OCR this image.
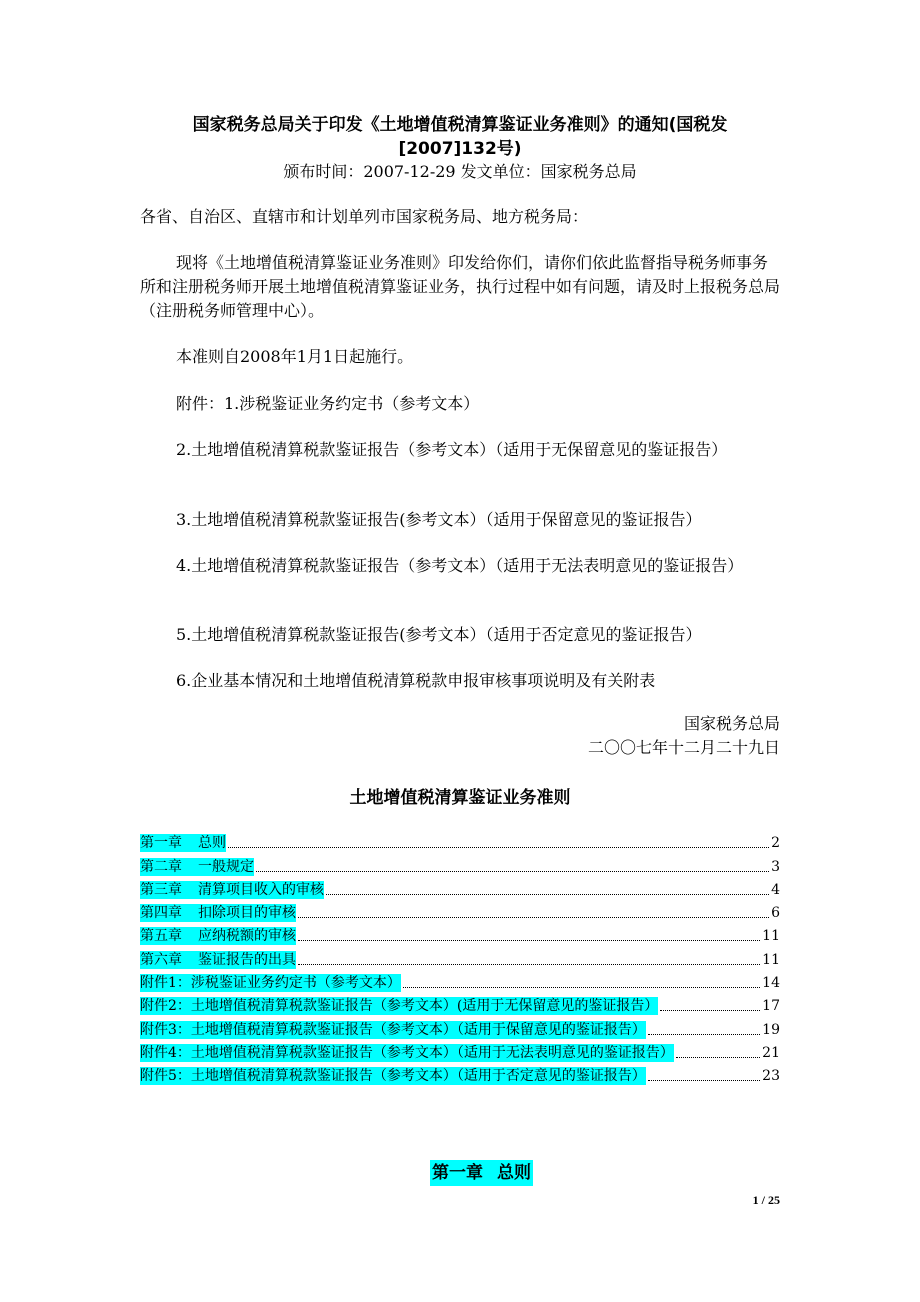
国家税务总局关于印发《土地增值税清算鉴证业务准则》的通知(国税发
[2007]132号)
颁布时间：2007-12-29 发文单位：国家税务总局
各省、自治区、直辖市和计划单列市国家税务局、地方税务局：
现将《土地增值税清算鉴证业务准则》印发给你们，请你们依此监督指导税务师事务所和注册税务师开展土地增值税清算鉴证业务，执行过程中如有问题，请及时上报税务总局（注册税务师管理中心）。
本准则自2008年1月1日起施行。
附件：1.涉税鉴证业务约定书（参考文本）
2.土地增值税清算税款鉴证报告（参考文本）（适用于无保留意见的鉴证报告）
3.土地增值税清算税款鉴证报告(参考文本）（适用于保留意见的鉴证报告）
4.土地增值税清算税款鉴证报告（参考文本）（适用于无法表明意见的鉴证报告）
5.土地增值税清算税款鉴证报告(参考文本）（适用于否定意见的鉴证报告）
6.企业基本情况和土地增值税清算税款申报审核事项说明及有关附表
国家税务总局
二〇〇七年十二月二十九日
土地增值税清算鉴证业务准则
第一章 总则	2
第二章 一般规定	3
第三章 清算项目收入的审核	4
第四章 扣除项目的审核	6
第五章 应纳税额的审核	11
第六章 鉴证报告的出具	11
附件1：涉税鉴证业务约定书（参考文本）	14
附件2：土地增值税清算税款鉴证报告（参考文本）(适用于无保留意见的鉴证报告）	17
附件3：土地增值税清算税款鉴证报告（参考文本）（适用于保留意见的鉴证报告）	19
附件4：土地增值税清算税款鉴证报告（参考文本）（适用于无法表明意见的鉴证报告）	21
附件5：土地增值税清算税款鉴证报告（参考文本）（适用于否定意见的鉴证报告）	23
第一章 总则
1 / 25
